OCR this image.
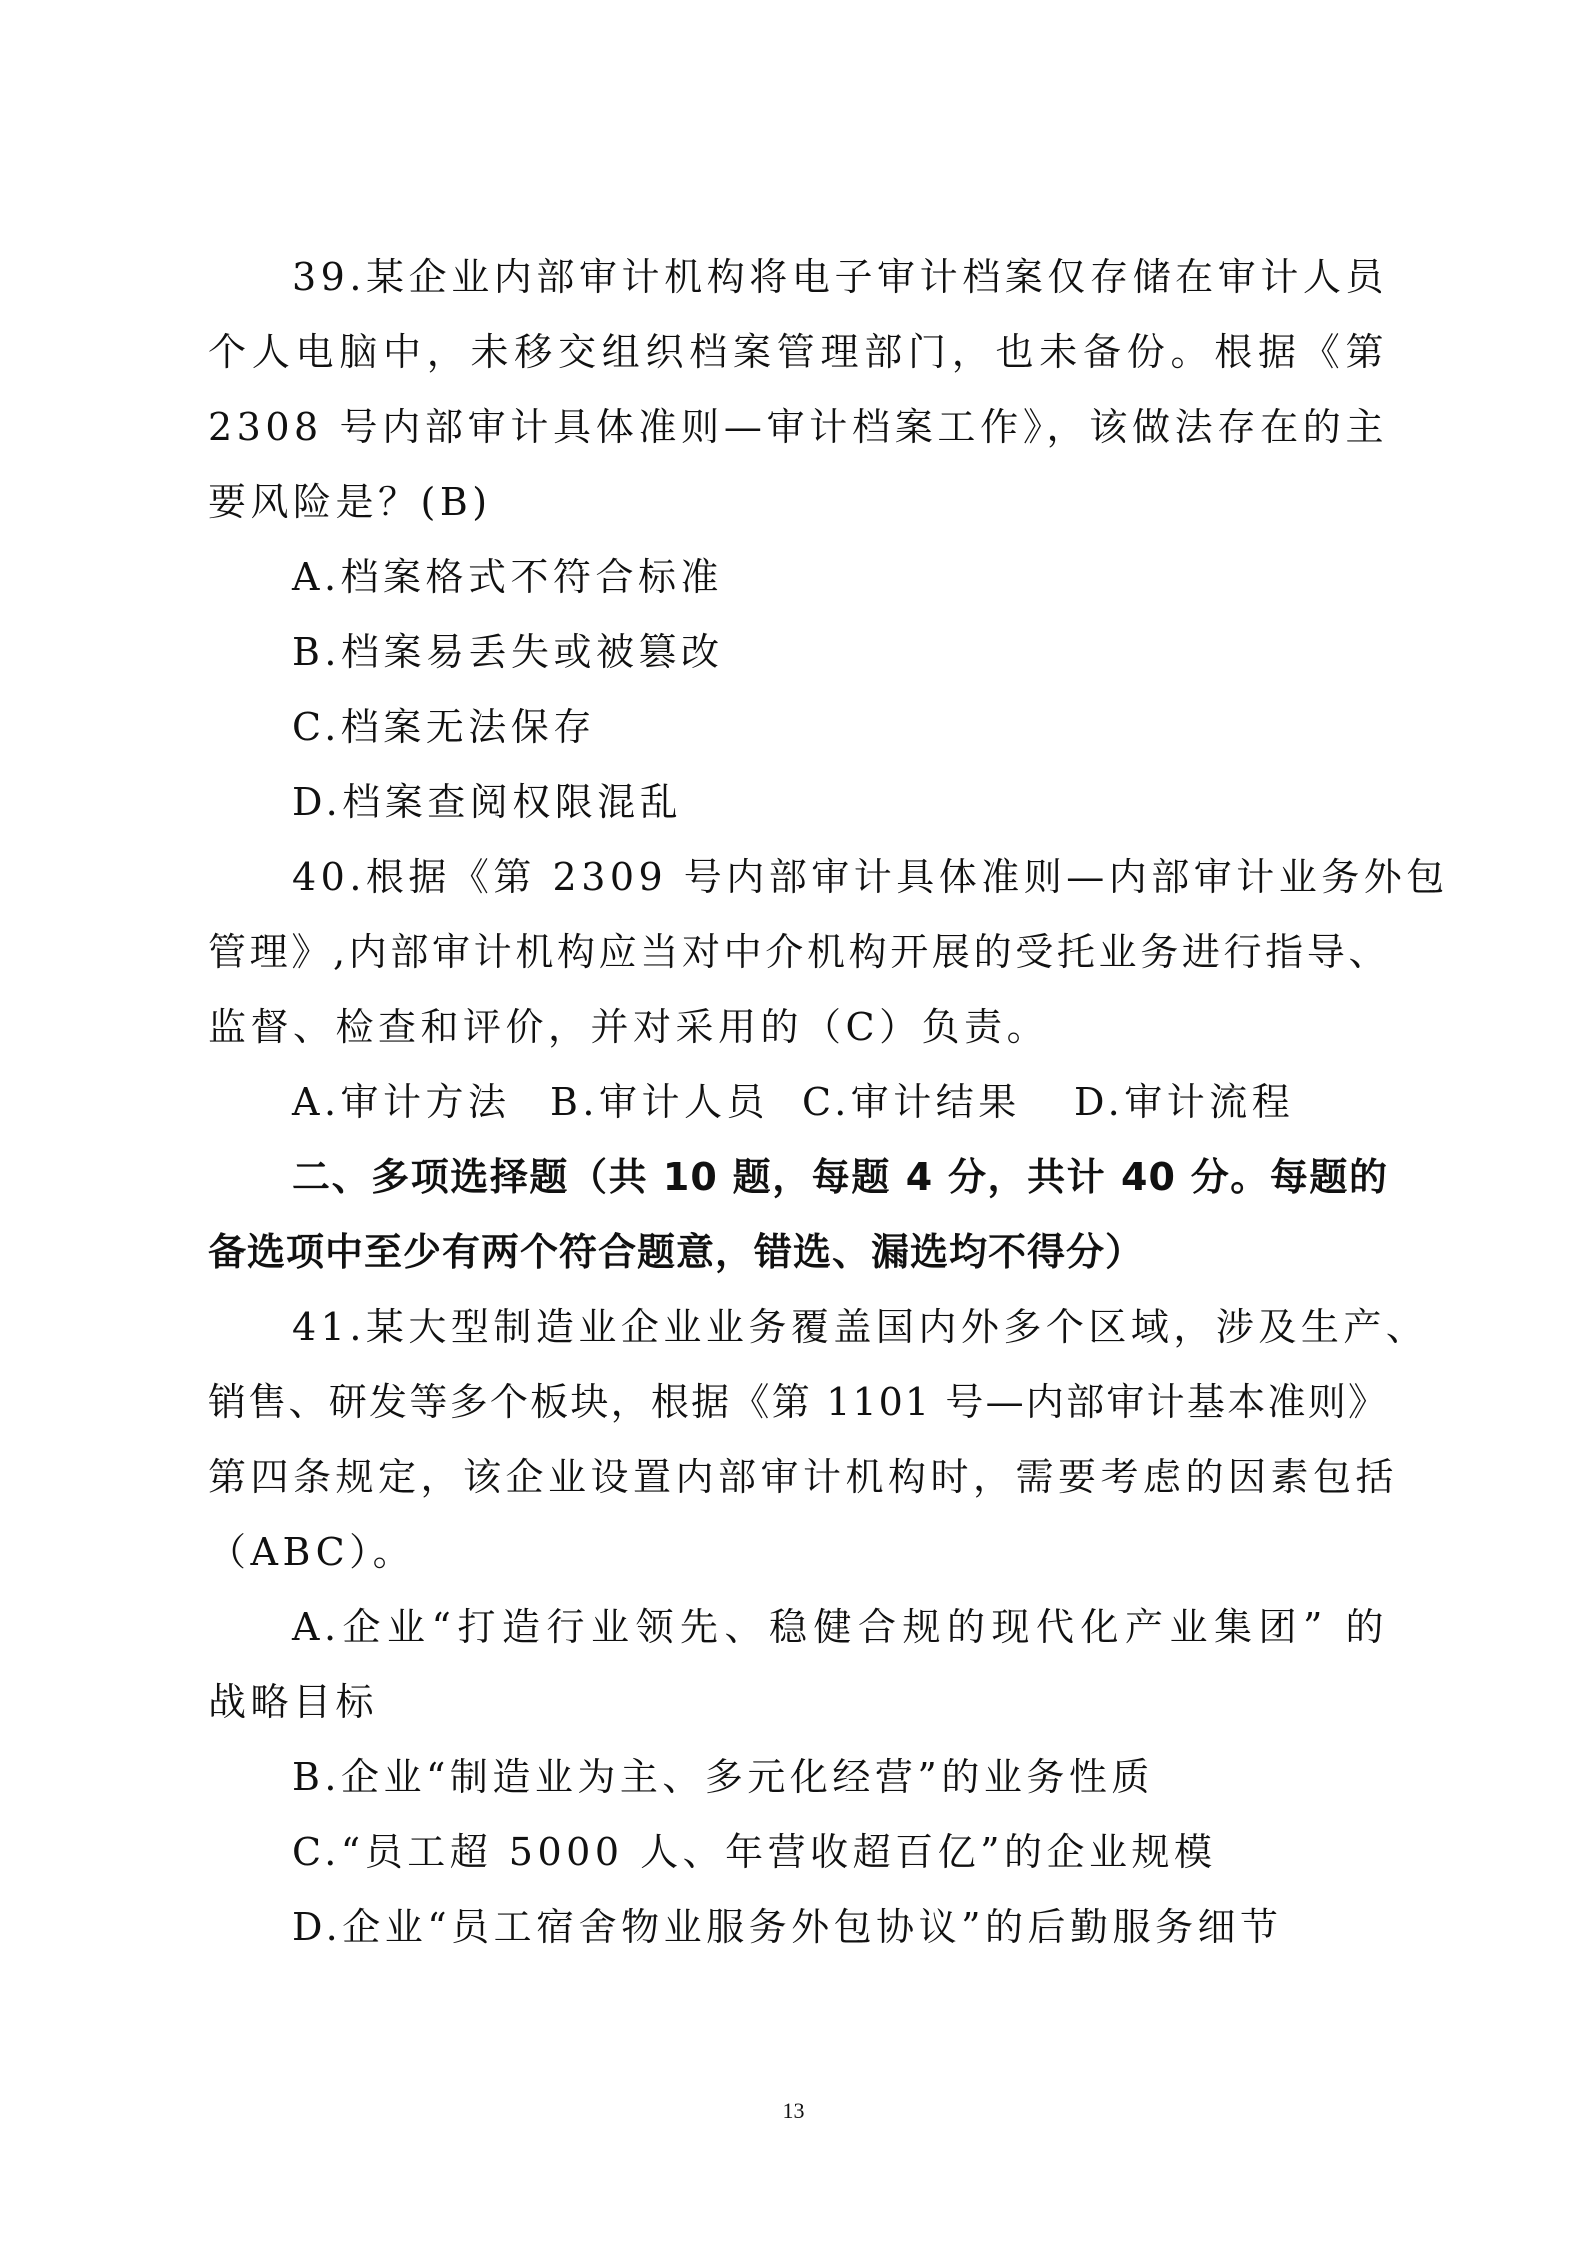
39.某企业内部审计机构将电子审计档案仅存储在审计人员
个人电脑中，未移交组织档案管理部门，也未备份。根据《第
2308 号内部审计具体准则—审计档案工作》，该做法存在的主
要风险是？(B)
A.档案格式不符合标准
B.档案易丢失或被篡改
C.档案无法保存
D.档案查阅权限混乱
40.根据《第 2309 号内部审计具体准则—内部审计业务外包
管理》,内部审计机构应当对中介机构开展的受托业务进行指导、
监督、检查和评价，并对采用的（C）负责。
A.审计方法 B.审计人员 C.审计结果 D.审计流程
二、多项选择题（共 10 题，每题 4 分，共计 40 分。每题的
备选项中至少有两个符合题意，错选、漏选均不得分）
41.某大型制造业企业业务覆盖国内外多个区域，涉及生产、
销售、研发等多个板块，根据《第 1101 号—内部审计基本准则》
第四条规定，该企业设置内部审计机构时，需要考虑的因素包括
（ABC）。
A.企业“打造行业领先、稳健合规的现代化产业集团” 的
战略目标
B.企业“制造业为主、多元化经营”的业务性质
C.“员工超 5000 人、年营收超百亿”的企业规模
D.企业“员工宿舍物业服务外包协议”的后勤服务细节
13
